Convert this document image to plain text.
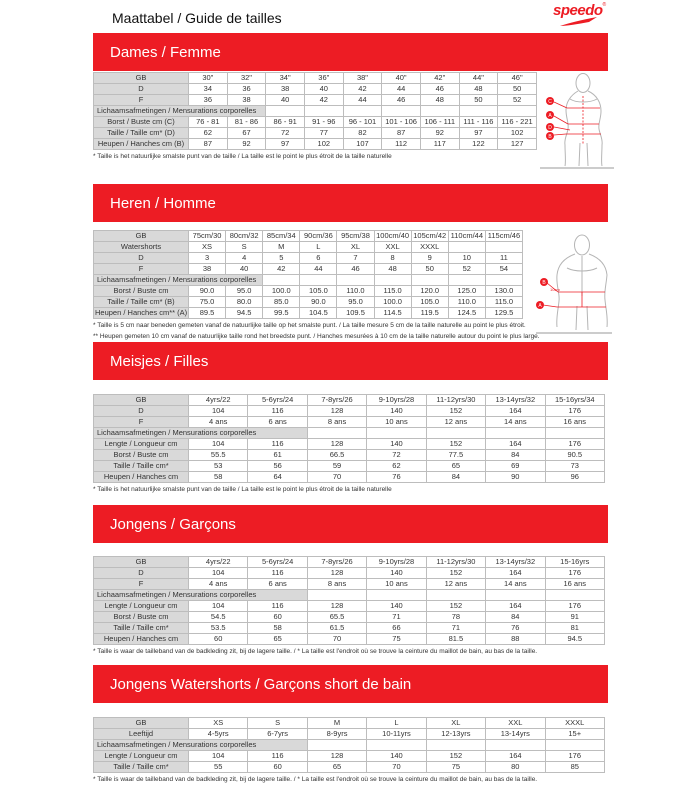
Maattabel / Guide de tailles	speedo®
Dames / Femme
GB	30"	32"	34"	36"	38"	40"	42"	44"	46"
D	34	36	38	40	42	44	46	48	50
F	36	38	40	42	44	46	48	50	52
Lichaamsafmetingen / Mensurations corporelles									
Borst / Buste cm (C)	76 - 81	81 - 86	86 - 91	91 - 96	96 - 101	101 - 106	106 - 111	111 - 116	116 - 221
Taille / Taille cm* (D)	62	67	72	77	82	87	92	97	102
Heupen / Hanches cm (B)	87	92	97	102	107	112	117	122	127
* Taille is het natuurlijke smalste punt van de taille / La taille est le point le plus étroit de la taille naturelle
Heren / Homme
GB	75cm/30	80cm/32	85cm/34	90cm/36	95cm/38	100cm/40	105cm/42	110cm/44	115cm/46
Watershorts	XS	S	M	L	XL	XXL	XXXL		
D	3	4	5	6	7	8	9	10	11
F	38	40	42	44	46	48	50	52	54
Lichaamsafmetingen / Mensurations corporelles									
Borst / Buste cm	90.0	95.0	100.0	105.0	110.0	115.0	120.0	125.0	130.0
Taille / Taille cm* (B)	75.0	80.0	85.0	90.0	95.0	100.0	105.0	110.0	115.0
Heupen / Hanches cm** (A)	89.5	94.5	99.5	104.5	109.5	114.5	119.5	124.5	129.5
* Taille is 5 cm naar beneden gemeten vanaf de natuurlijke taille op het smalste punt. / La taille mesure 5 cm de la taille naturelle au point le plus étroit.
** Heupen gemeten 10 cm vanaf de natuurlijke taille rond het breedste punt. / Hanches mesurées à 10 cm de la taille naturelle autour du point le plus large.
Meisjes / Filles
GB	4yrs/22	5-6yrs/24	7-8yrs/26	9-10yrs/28	11-12yrs/30	13-14yrs/32	15-16yrs/34
D	104	116	128	140	152	164	176
F	4 ans	6 ans	8 ans	10 ans	12 ans	14 ans	16 ans
Lichaamsafmetingen / Mensurations corporelles							
Lengte / Longueur cm	104	116	128	140	152	164	176
Borst / Buste cm	55.5	61	66.5	72	77.5	84	90.5
Taille / Taille cm*	53	56	59	62	65	69	73
Heupen / Hanches cm	58	64	70	76	84	90	96
* Taille is het natuurlijke smalste punt van de taille / La taille est le point le plus étroit de la taille naturelle
Jongens / Garçons
GB	4yrs/22	5-6yrs/24	7-8yrs/26	9-10yrs/28	11-12yrs/30	13-14yrs/32	15-16yrs
D	104	116	128	140	152	164	176
F	4 ans	6 ans	8 ans	10 ans	12 ans	14 ans	16 ans
Lichaamsafmetingen / Mensurations corporelles							
Lengte / Longueur cm	104	116	128	140	152	164	176
Borst / Buste cm	54.5	60	65.5	71	78	84	91
Taille / Taille cm*	53.5	58	61.5	66	71	76	81
Heupen / Hanches cm	60	65	70	75	81.5	88	94.5
* Taille is waar de tailleband van de badkleding zit, bij de lagere taille. / * La taille est l'endroit où se trouve la ceinture du maillot de bain, au bas de la taille.
Jongens Watershorts / Garçons short de bain
GB	XS	S	M	L	XL	XXL	XXXL
Leeftijd	4-5yrs	6-7yrs	8-9yrs	10-11yrs	12-13yrs	13-14yrs	15+
Lichaamsafmetingen / Mensurations corporelles							
Lengte / Longueur cm	104	116	128	140	152	164	176
Taille / Taille cm*	55	60	65	70	75	80	85
* Taille is waar de tailleband van de badkleding zit, bij de lagere taille. / * La taille est l'endroit où se trouve la ceinture du maillot de bain, au bas de la taille.
C
A
D
B
B
A
10cm
